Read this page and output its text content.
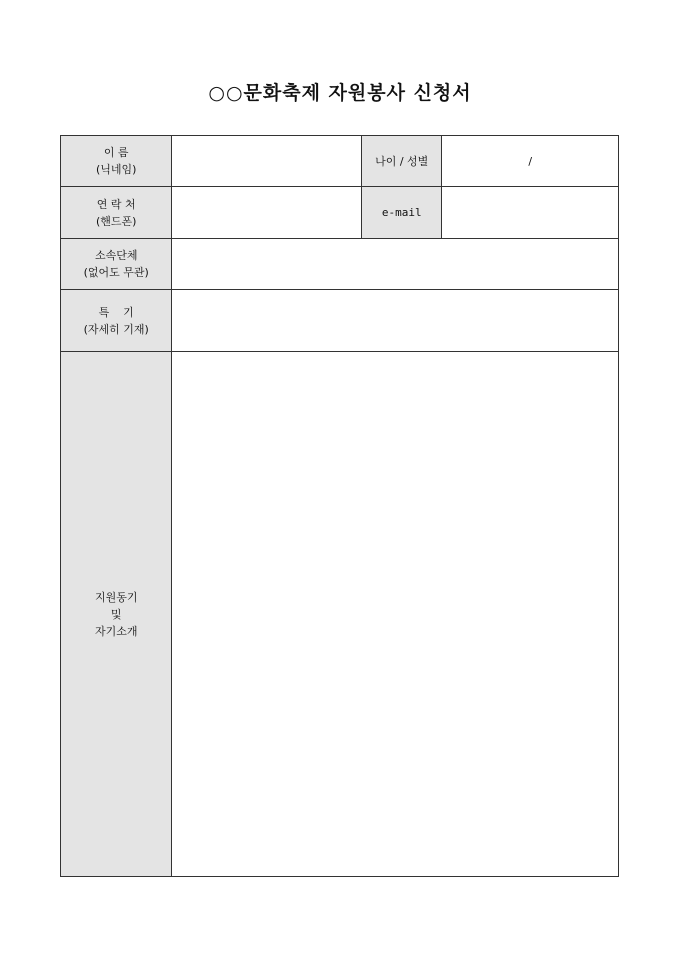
○○문화축제 자원봉사 신청서
이 름
(닉네임)		나이 / 성별	/

연 락 처
(핸드폰)		e-mail	

소속단체
(없어도 무관)			

특    기
(자세히 기재)			

지원동기
및
자기소개			
